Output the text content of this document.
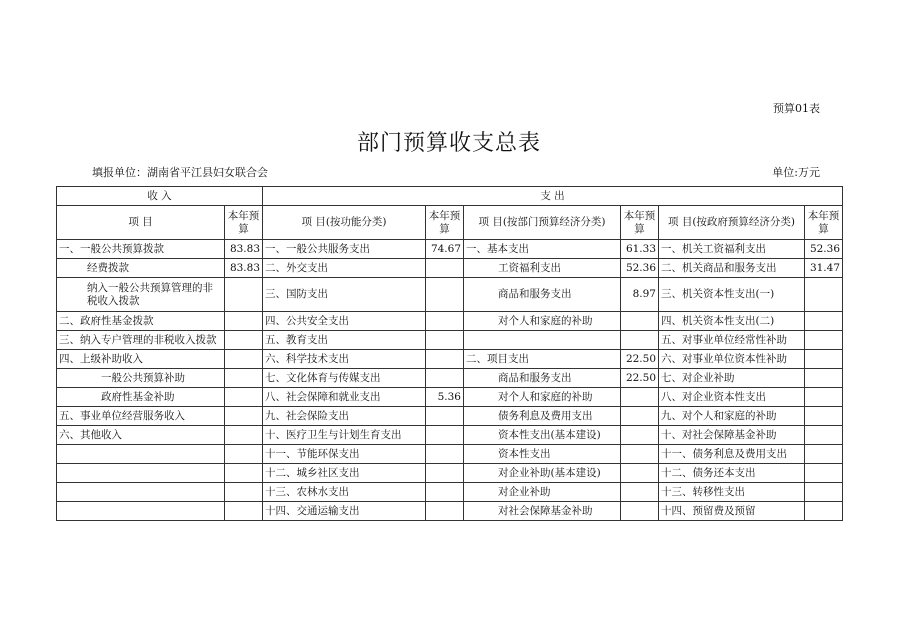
预算01表
部门预算收支总表
填报单位：湖南省平江县妇女联合会	单位:万元
收 入		支 出					
项 目	本年预算	项 目(按功能分类)	本年预算	项 目(按部门预算经济分类)	本年预算	项 目(按政府预算经济分类)	本年预算
一、一般公共预算拨款	83.83	一、一般公共服务支出	74.67	一、基本支出	61.33	一、机关工资福利支出	52.36
经费拨款	83.83	二、外交支出		工资福利支出	52.36	二、机关商品和服务支出	31.47
纳入一般公共预算管理的非税收入拨款		三、国防支出		商品和服务支出	8.97	三、机关资本性支出(一)	
二、政府性基金拨款		四、公共安全支出		对个人和家庭的补助		四、机关资本性支出(二)	
三、纳入专户管理的非税收入拨款		五、教育支出				五、对事业单位经常性补助	
四、上级补助收入		六、科学技术支出		二、项目支出	22.50	六、对事业单位资本性补助	
一般公共预算补助		七、文化体育与传媒支出		商品和服务支出	22.50	七、对企业补助	
政府性基金补助		八、社会保障和就业支出	5.36	对个人和家庭的补助		八、对企业资本性支出	
五、事业单位经营服务收入		九、社会保险支出		债务利息及费用支出		九、对个人和家庭的补助	
六、其他收入		十、医疗卫生与计划生育支出		资本性支出(基本建设)		十、对社会保障基金补助	
		十一、节能环保支出		资本性支出		十一、债务利息及费用支出	
		十二、城乡社区支出		对企业补助(基本建设)		十二、债务还本支出	
		十三、农林水支出		对企业补助		十三、转移性支出	
		十四、交通运输支出		对社会保障基金补助		十四、预留费及预留	
